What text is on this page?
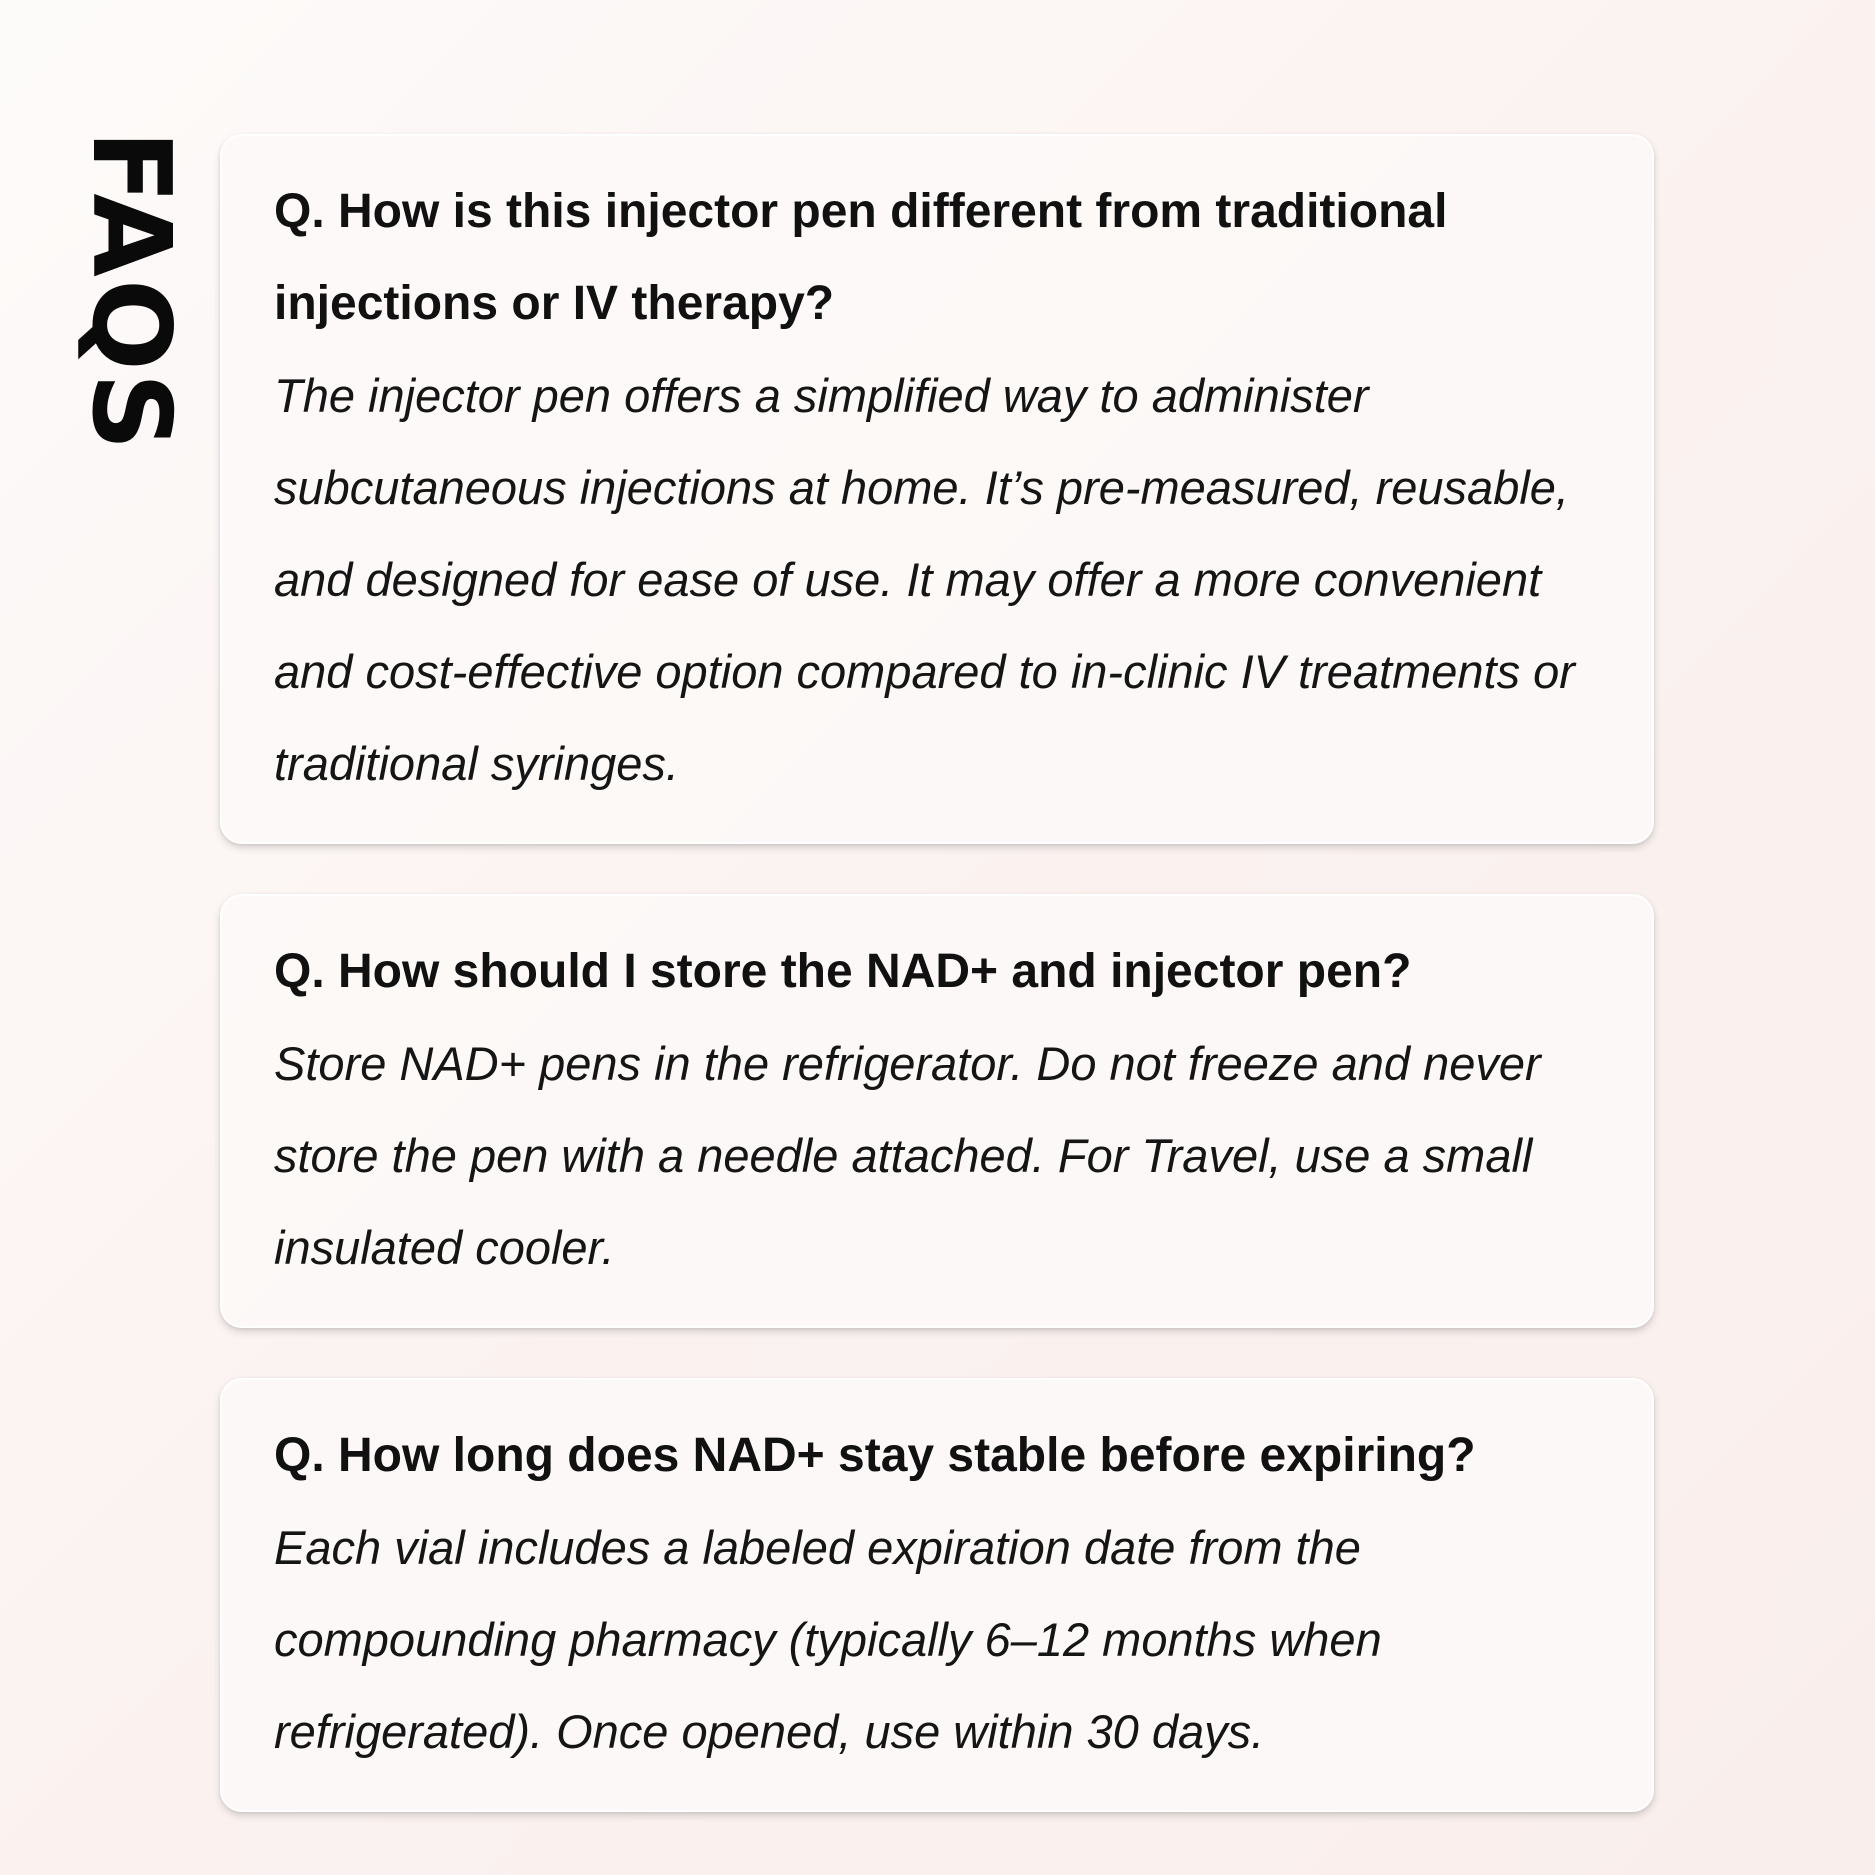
FAQS Q. How is this injector pen different from traditional injections or IV therapy?

The injector pen offers a simplified way to administer subcutaneous injections at home. It’s pre-measured, reusable, and designed for ease of use. It may offer a more convenient and cost-effective option compared to in-clinic IV treatments or traditional syringes.

Q. How should I store the NAD+ and injector pen?

Store NAD+ pens in the refrigerator. Do not freeze and never store the pen with a needle attached. For Travel, use a small insulated cooler.

Q. How long does NAD+ stay stable before expiring?

Each vial includes a labeled expiration date from the compounding pharmacy (typically 6–12 months when refrigerated). Once opened, use within 30 days.
